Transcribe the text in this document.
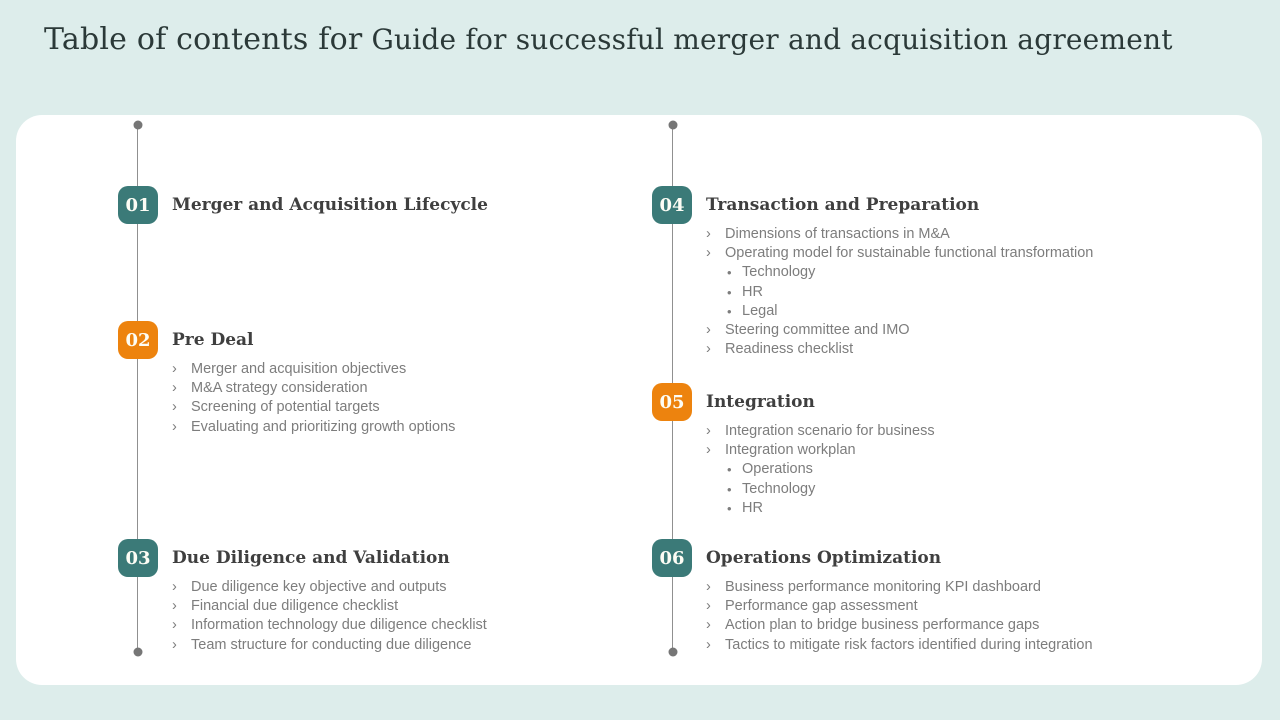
Table of contents for Guide for successful merger and acquisition agreement
01	Merger and Acquisition Lifecycle
02	Pre Deal
› Merger and acquisition objectives
› M&A strategy consideration
› Screening of potential targets
› Evaluating and prioritizing growth options
03	Due Diligence and Validation
› Due diligence key objective and outputs
› Financial due diligence checklist
› Information technology due diligence checklist
› Team structure for conducting due diligence
04	Transaction and Preparation
› Dimensions of transactions in M&A
› Operating model for sustainable functional transformation
• Technology
• HR
• Legal
› Steering committee and IMO
› Readiness checklist
05	Integration
› Integration scenario for business
› Integration workplan
• Operations
• Technology
• HR
06	Operations Optimization
› Business performance monitoring KPI dashboard
› Performance gap assessment
› Action plan to bridge business performance gaps
› Tactics to mitigate risk factors identified during integration
